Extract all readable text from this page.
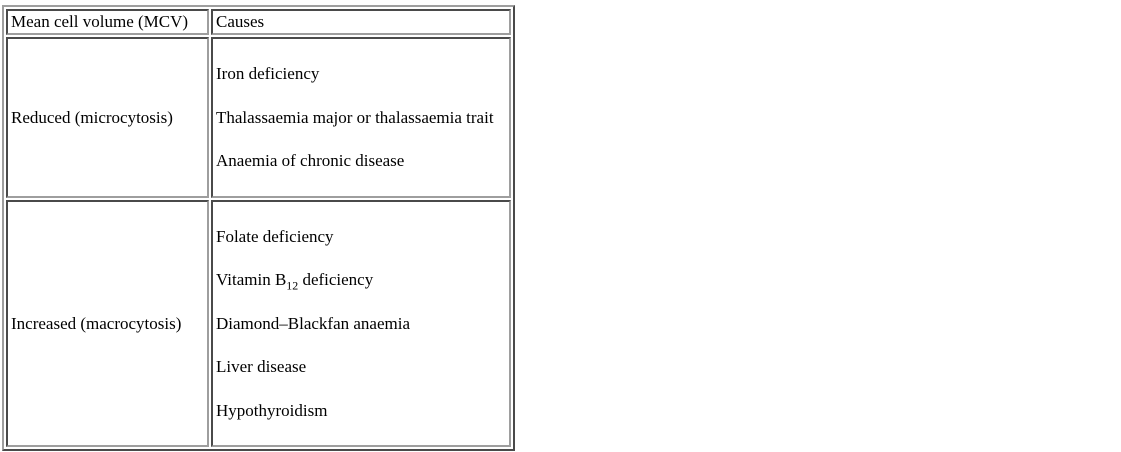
Mean cell volume (MCV)	Causes

Reduced (microcytosis)	Iron deficiency

Thalassaemia major or thalassaemia trait

Anaemia of chronic disease

Increased (macrocytosis)	Folate deficiency

Vitamin $B_{12}$ deficiency

Diamond–Blackfan anaemia

Liver disease

Hypothyroidism
